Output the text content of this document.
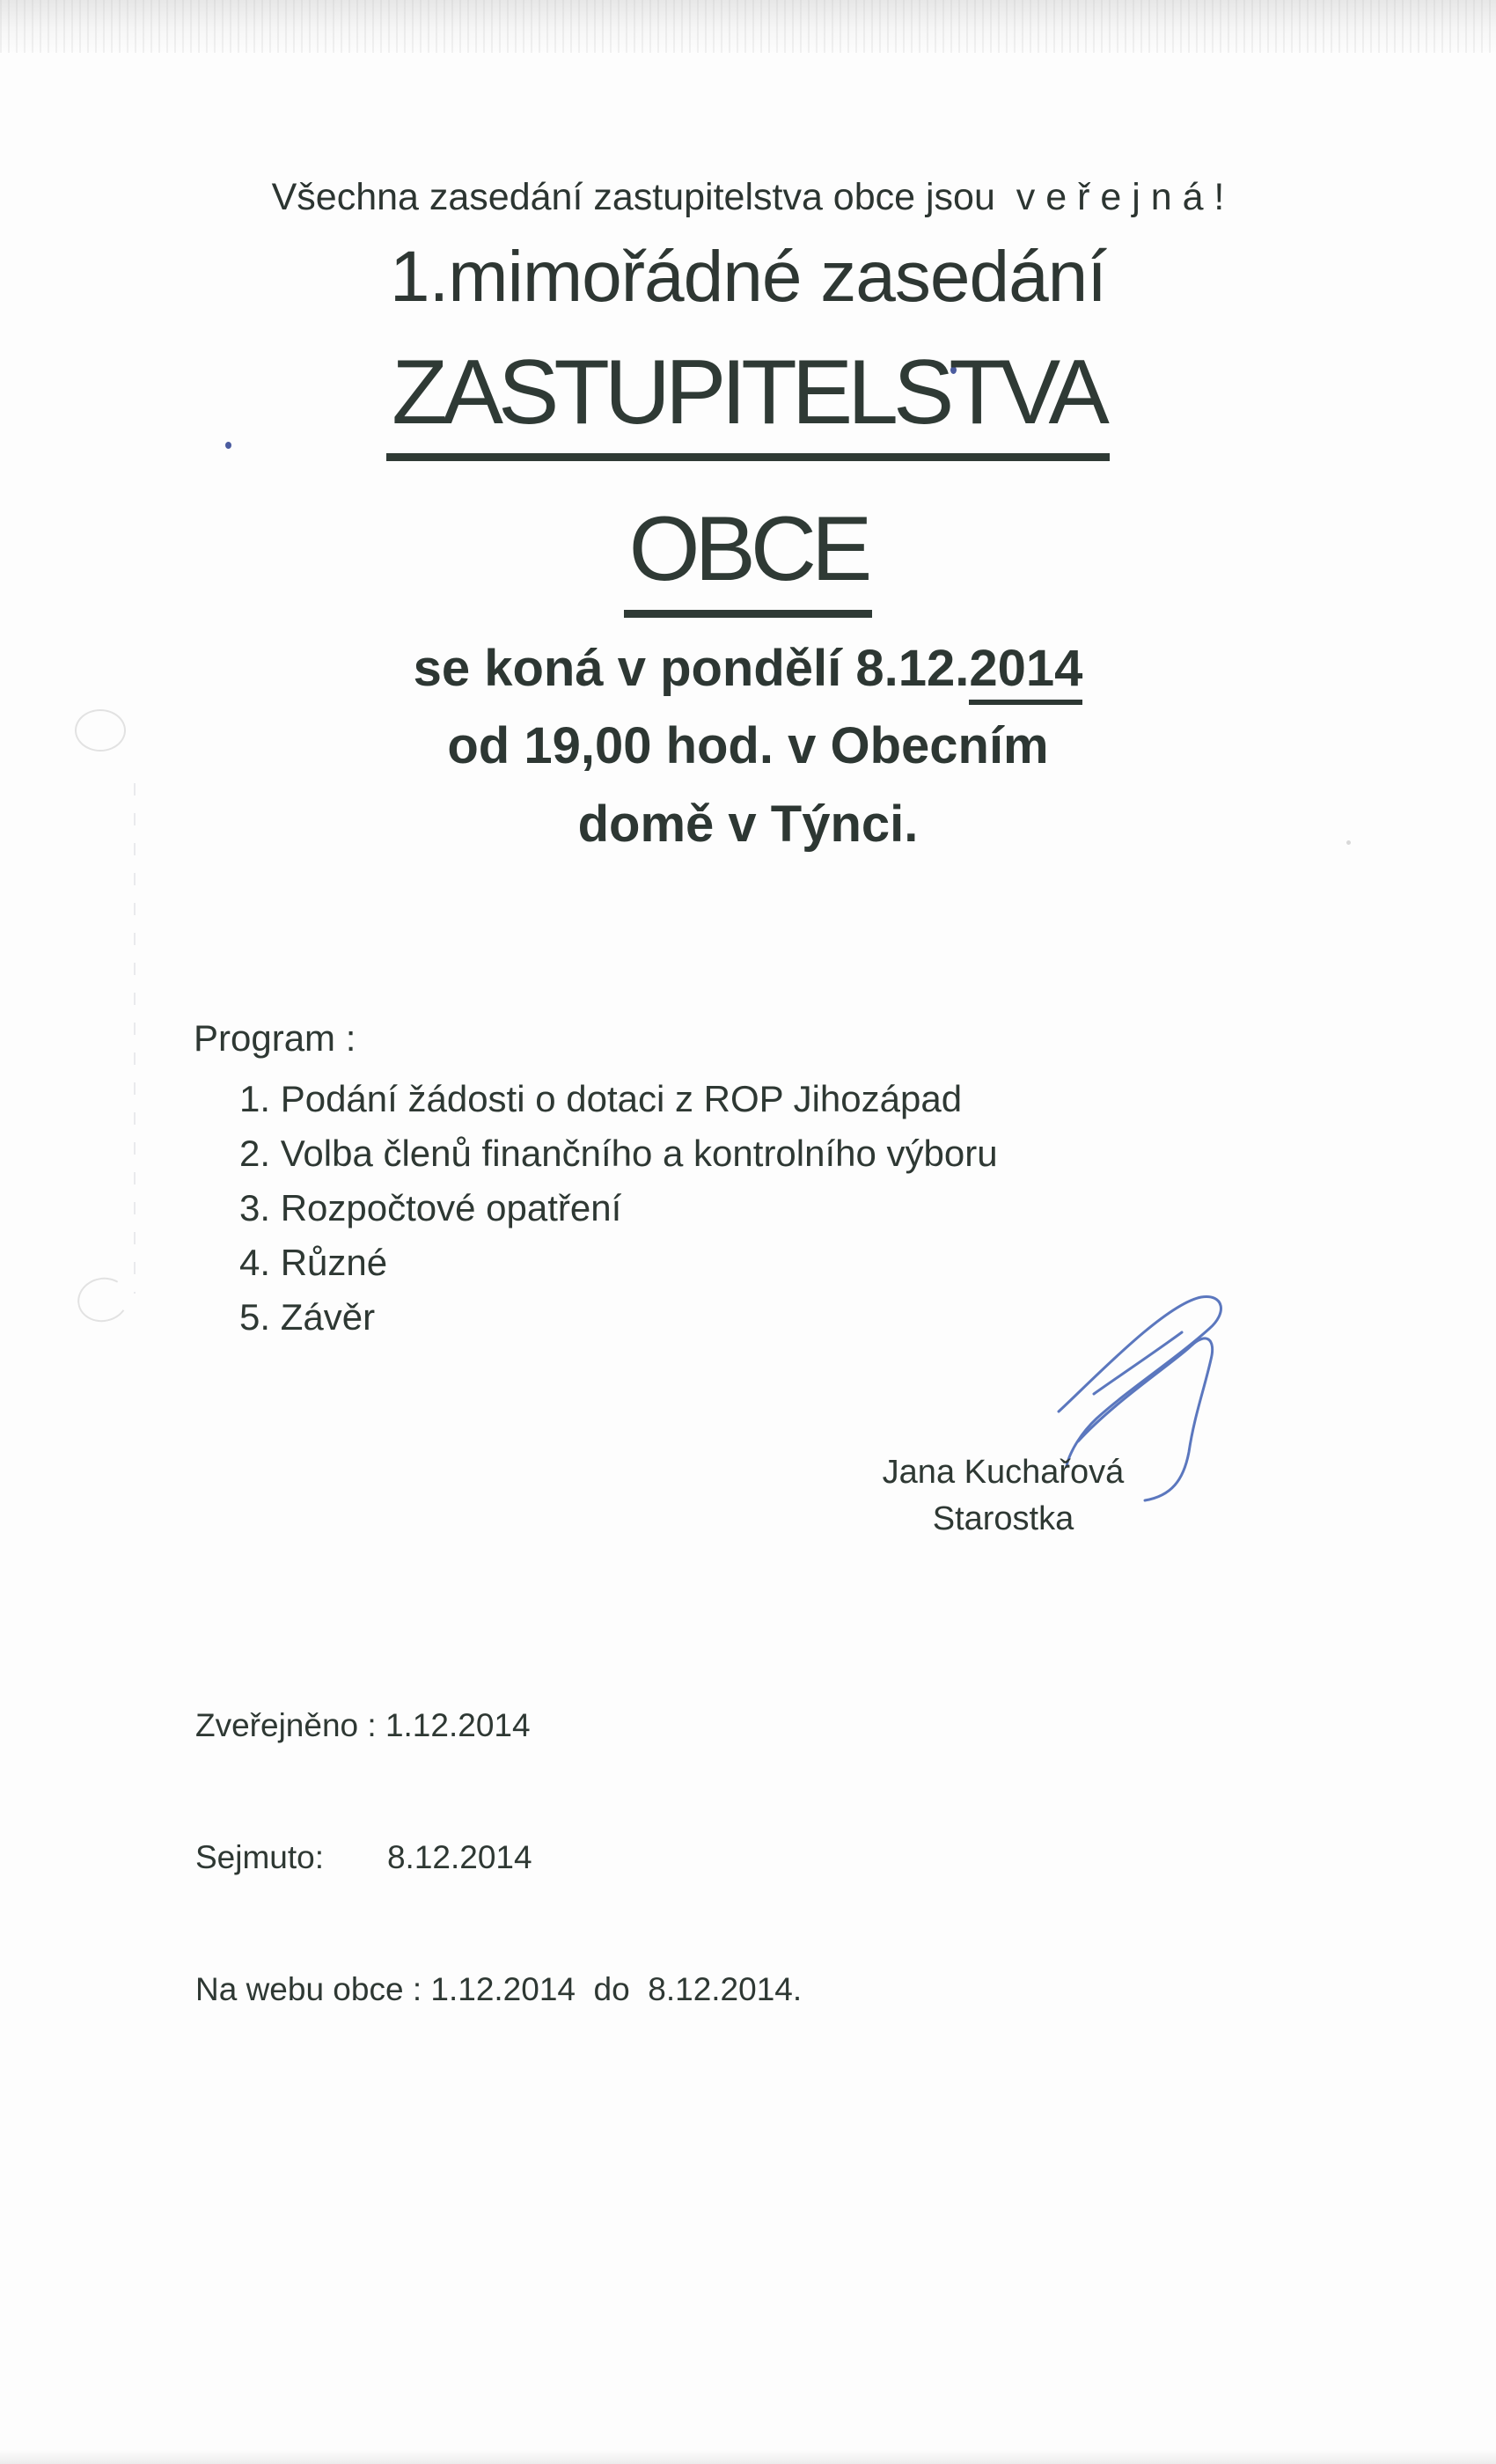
Všechna zasedání zastupitelstva obce jsou  v e ř e j n á !
1.mimořádné zasedání
ZASTUPITELSTVA
OBCE
se koná v pondělí 8.12.2014
od 19,00 hod. v Obecním
domě v Týnci.
Program :
1. Podání žádosti o dotaci z ROP Jihozápad
2. Volba členů finančního a kontrolního výboru
3. Rozpočtové opatření
4. Různé
5. Závěr
Jana Kuchařová
Starostka

Zveřejněno : 1.12.2014

Sejmuto:       8.12.2014

Na webu obce : 1.12.2014  do  8.12.2014.
